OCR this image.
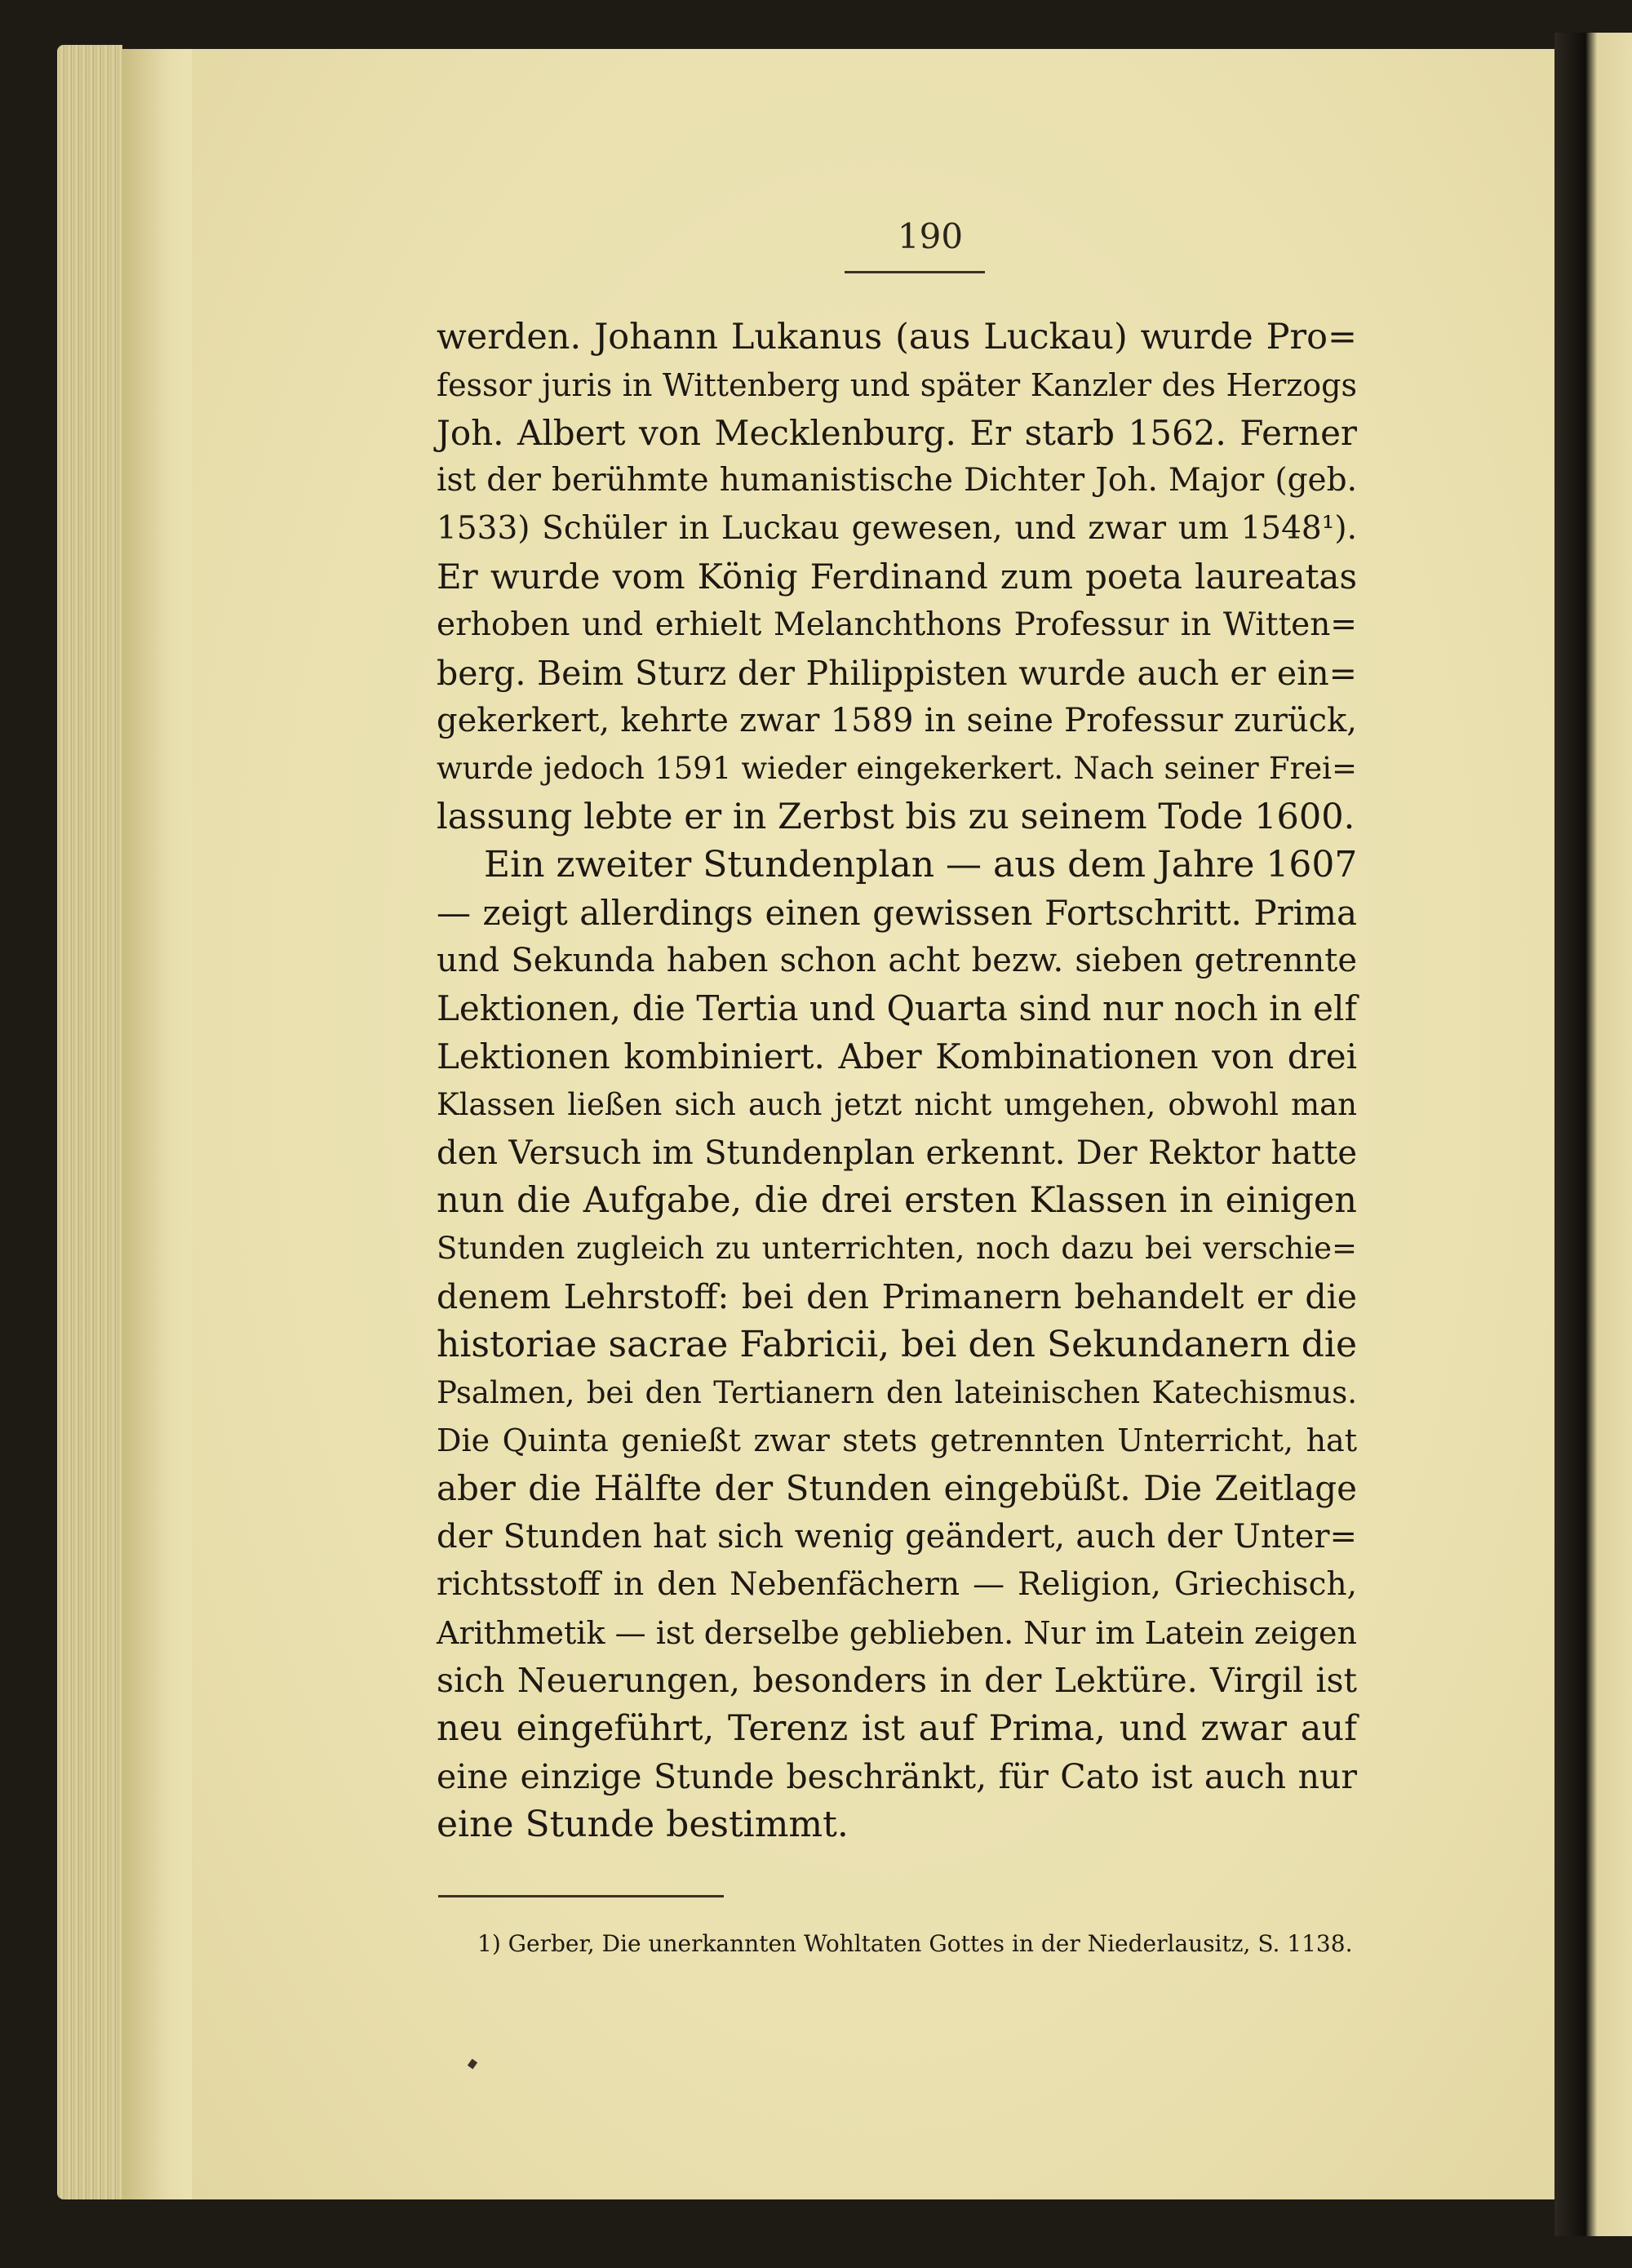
190
werden. Johann Lukanus (aus Luckau) wurde Pro=
fessor juris in Wittenberg und später Kanzler des Herzogs
Joh. Albert von Mecklenburg. Er starb 1562. Ferner
ist der berühmte humanistische Dichter Joh. Major (geb.
1533) Schüler in Luckau gewesen, und zwar um 1548¹).
Er wurde vom König Ferdinand zum poeta laureatas
erhoben und erhielt Melanchthons Professur in Witten=
berg. Beim Sturz der Philippisten wurde auch er ein=
gekerkert, kehrte zwar 1589 in seine Professur zurück,
wurde jedoch 1591 wieder eingekerkert. Nach seiner Frei=
lassung lebte er in Zerbst bis zu seinem Tode 1600.
Ein zweiter Stundenplan — aus dem Jahre 1607
— zeigt allerdings einen gewissen Fortschritt. Prima
und Sekunda haben schon acht bezw. sieben getrennte
Lektionen, die Tertia und Quarta sind nur noch in elf
Lektionen kombiniert. Aber Kombinationen von drei
Klassen ließen sich auch jetzt nicht umgehen, obwohl man
den Versuch im Stundenplan erkennt. Der Rektor hatte
nun die Aufgabe, die drei ersten Klassen in einigen
Stunden zugleich zu unterrichten, noch dazu bei verschie=
denem Lehrstoff: bei den Primanern behandelt er die
historiae sacrae Fabricii, bei den Sekundanern die
Psalmen, bei den Tertianern den lateinischen Katechismus.
Die Quinta genießt zwar stets getrennten Unterricht, hat
aber die Hälfte der Stunden eingebüßt. Die Zeitlage
der Stunden hat sich wenig geändert, auch der Unter=
richtsstoff in den Nebenfächern — Religion, Griechisch,
Arithmetik — ist derselbe geblieben. Nur im Latein zeigen
sich Neuerungen, besonders in der Lektüre. Virgil ist
neu eingeführt, Terenz ist auf Prima, und zwar auf
eine einzige Stunde beschränkt, für Cato ist auch nur
eine Stunde bestimmt.
1) Gerber, Die unerkannten Wohltaten Gottes in der Niederlausitz, S. 1138.
